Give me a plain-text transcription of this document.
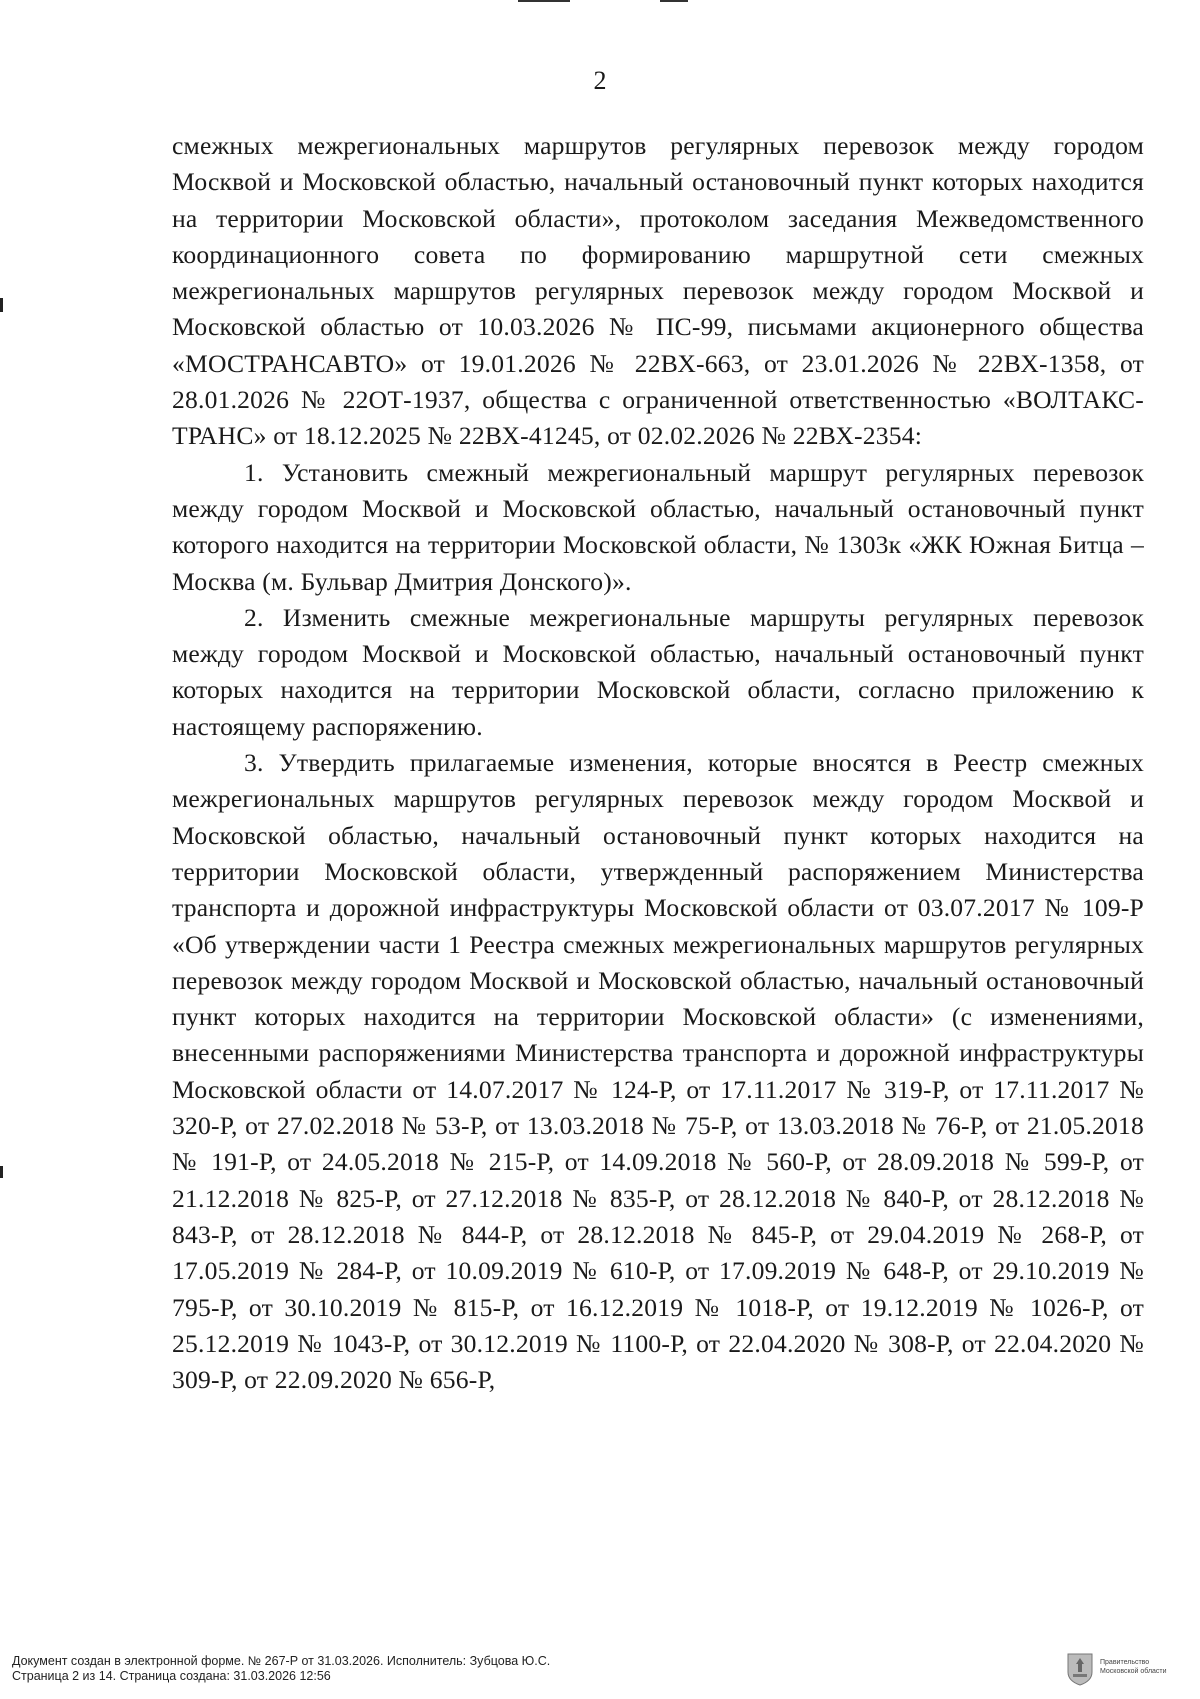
2

смежных межрегиональных маршрутов регулярных перевозок между городом Москвой и Московской областью, начальный остановочный пункт которых находится на территории Московской области», протоколом заседания Межведомственного координационного совета по формированию маршрутной сети смежных межрегиональных маршрутов регулярных перевозок между городом Москвой и Московской областью от 10.03.2026 № ПС-99, письмами акционерного общества «МОСТРАНСАВТО» от 19.01.2026 № 22ВХ-663, от 23.01.2026 № 22ВХ-1358, от 28.01.2026 № 22ОТ-1937, общества с ограниченной ответственностью «ВОЛТАКС-ТРАНС» от 18.12.2025 № 22ВХ-41245, от 02.02.2026 № 22ВХ-2354:

1. Установить смежный межрегиональный маршрут регулярных перевозок между городом Москвой и Московской областью, начальный остановочный пункт которого находится на территории Московской области, № 1303к «ЖК Южная Битца – Москва (м. Бульвар Дмитрия Донского)».

2. Изменить смежные межрегиональные маршруты регулярных перевозок между городом Москвой и Московской областью, начальный остановочный пункт которых находится на территории Московской области, согласно приложению к настоящему распоряжению.

3. Утвердить прилагаемые изменения, которые вносятся в Реестр смежных межрегиональных маршрутов регулярных перевозок между городом Москвой и Московской областью, начальный остановочный пункт которых находится на территории Московской области, утвержденный распоряжением Министерства транспорта и дорожной инфраструктуры Московской области от 03.07.2017 № 109-Р «Об утверждении части 1 Реестра смежных межрегиональных маршрутов регулярных перевозок между городом Москвой и Московской областью, начальный остановочный пункт которых находится на территории Московской области» (с изменениями, внесенными распоряжениями Министерства транспорта и дорожной инфраструктуры Московской области от 14.07.2017 № 124-Р, от 17.11.2017 № 319-Р, от 17.11.2017 № 320-Р, от 27.02.2018 № 53-Р, от 13.03.2018 № 75-Р, от 13.03.2018 № 76-Р, от 21.05.2018 № 191-Р, от 24.05.2018 № 215-Р, от 14.09.2018 № 560-Р, от 28.09.2018 № 599-Р, от 21.12.2018 № 825-Р, от 27.12.2018 № 835-Р, от 28.12.2018 № 840-Р, от 28.12.2018 № 843-Р, от 28.12.2018 № 844-Р, от 28.12.2018 № 845-Р, от 29.04.2019 № 268-Р, от 17.05.2019 № 284-Р, от 10.09.2019 № 610-Р, от 17.09.2019 № 648-Р, от 29.10.2019 № 795-Р, от 30.10.2019 № 815-Р, от 16.12.2019 № 1018-Р, от 19.12.2019 № 1026-Р, от 25.12.2019 № 1043-Р, от 30.12.2019 № 1100-Р, от 22.04.2020 № 308-Р, от 22.04.2020 № 309-Р, от 22.09.2020 № 656-Р,

Документ создан в электронной форме. № 267-Р от 31.03.2026. Исполнитель: Зубцова Ю.С.
Страница 2 из 14. Страница создана: 31.03.2026 12:56
Правительство Московской области
